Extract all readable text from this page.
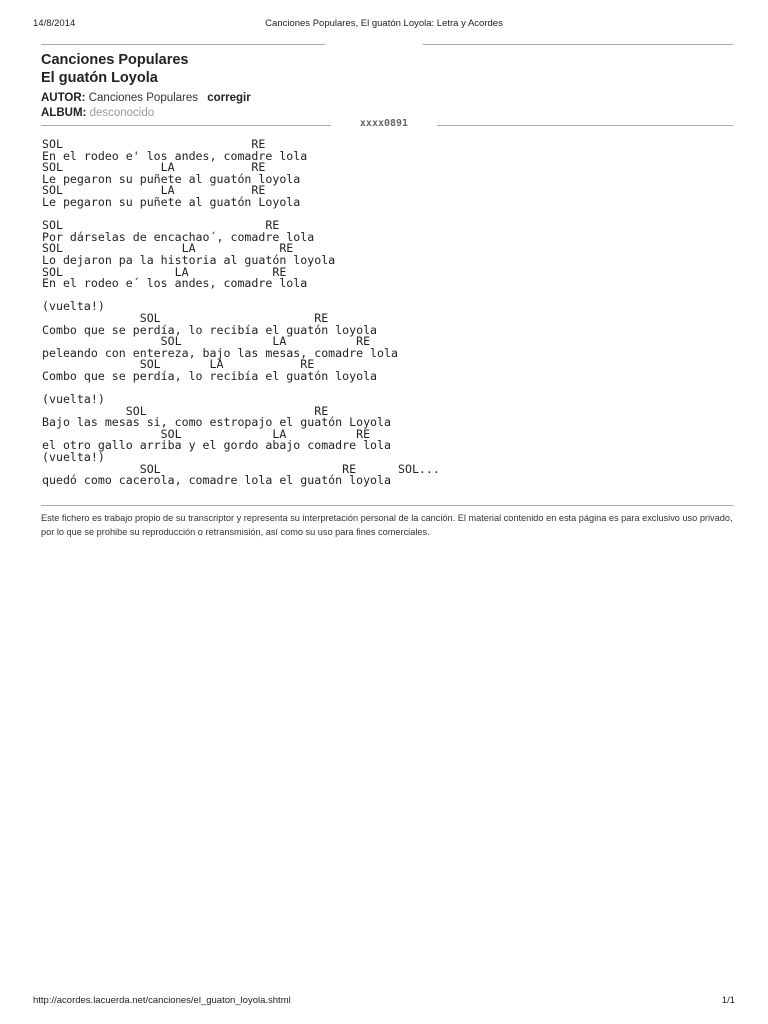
14/8/2014	Canciones Populares, El guatón Loyola: Letra y Acordes
Canciones Populares
El guatón Loyola
AUTOR: Canciones Populares corregir
ALBUM: desconocido
xxxx0891
SOL                           RE
En el rodeo e' los andes, comadre lola
SOL              LA           RE
Le pegaron su puñete al guatón loyola
SOL              LA           RE
Le pegaron su puñete al guatón Loyola

SOL                             RE
Por dárselas de encachao´, comadre lola
SOL                 LA            RE
Lo dejaron pa la historia al guatón loyola
SOL                LA            RE
En el rodeo e´ los andes, comadre lola

(vuelta!)
SOL                      RE
Combo que se perdía, lo recibía el guatón loyola
SOL             LA          RE
peleando con entereza, bajo las mesas, comadre lola
SOL       LA           RE
Combo que se perdía, lo recibía el guatón loyola

(vuelta!)
SOL                        RE
Bajo las mesas si, como estropajo el guatón Loyola
SOL             LA          RE
el otro gallo arriba y el gordo abajo comadre lola
(vuelta!)
SOL                          RE      SOL...
quedó como cacerola, comadre lola el guatón loyola
Este fichero es trabajo propio de su transcriptor y representa su interpretación personal de la canción. El material contenido en esta página es para exclusivo uso privado, por lo que se prohibe su reproducción o retransmisión, así como su uso para fines comerciales.
http://acordes.lacuerda.net/canciones/el_guaton_loyola.shtml	1/1
